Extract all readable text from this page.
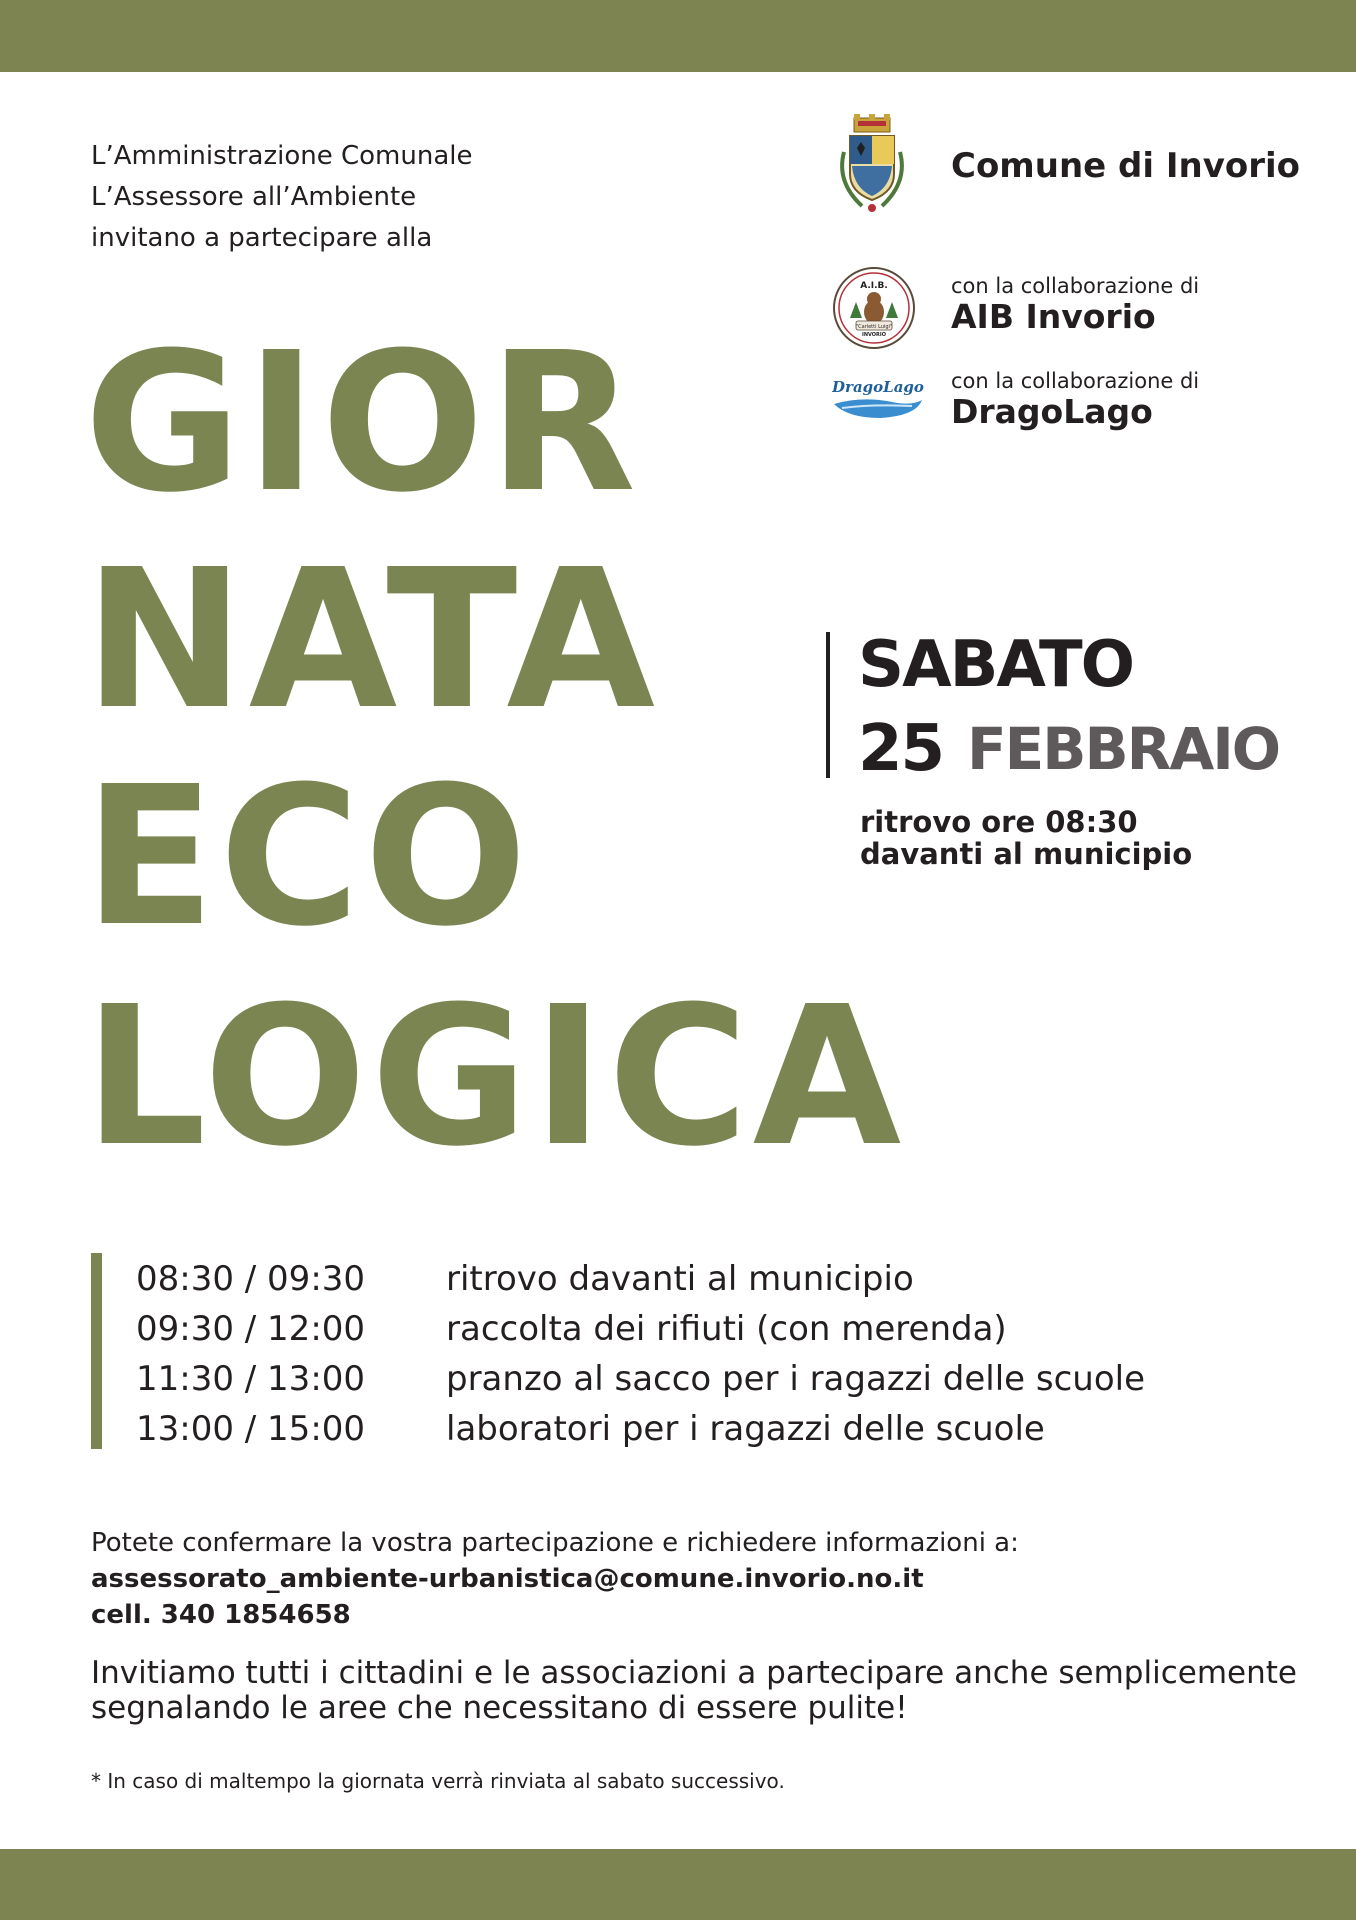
L’Amministrazione Comunale
L’Assessore all’Ambiente
invitano a partecipare alla
GIOR
NATA
ECO
LOGICA
Comune di Invorio
A.I.B.
"Carletti Luigi"
INVORIO
con la collaborazione di
AIB Invorio
DragoLago con la collaborazione di
DragoLago
SABATO
25 FEBBRAIO
ritrovo ore 08:30
davanti al municipio
08:30 / 09:30 ritrovo davanti al municipio
09:30 / 12:00 raccolta dei rifiuti (con merenda)
11:30 / 13:00 pranzo al sacco per i ragazzi delle scuole
13:00 / 15:00 laboratori per i ragazzi delle scuole
Potete confermare la vostra partecipazione e richiedere informazioni a:
assessorato_ambiente-urbanistica@comune.invorio.no.it
cell. 340 1854658
Invitiamo tutti i cittadini e le associazioni a partecipare anche semplicemente
segnalando le aree che necessitano di essere pulite!
* In caso di maltempo la giornata verrà rinviata al sabato successivo.
